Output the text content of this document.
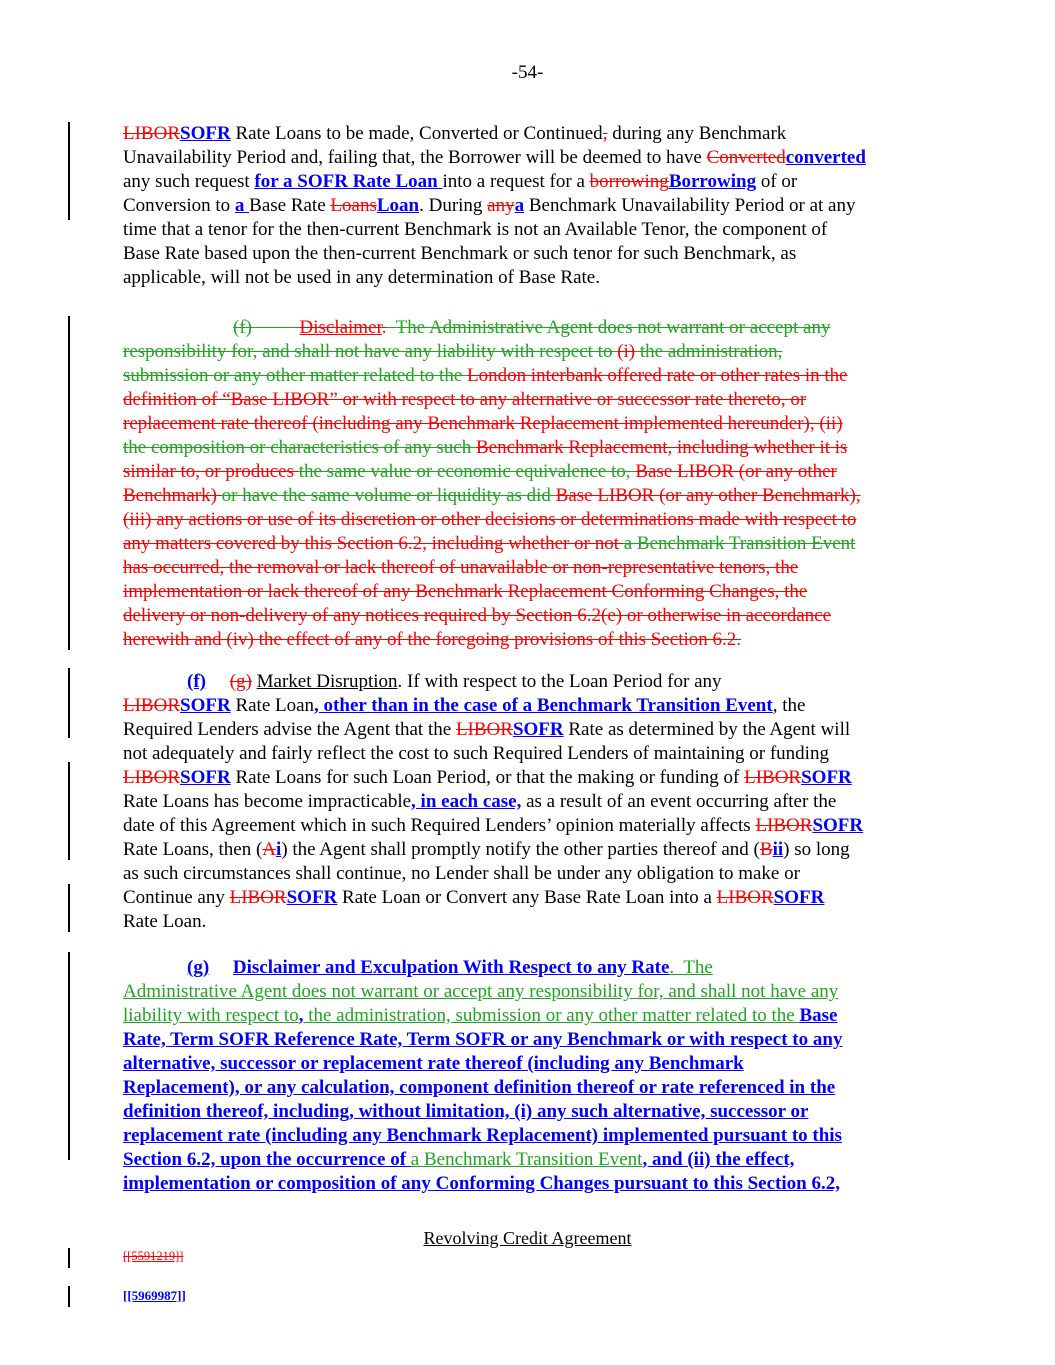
-54-
LIBORSOFR Rate Loans to be made, Converted or Continued, during any Benchmark
Unavailability Period and, failing that, the Borrower will be deemed to have Convertedconverted
any such request for a SOFR Rate Loan into a request for a borrowingBorrowing of or
Conversion to a Base Rate LoansLoan. During anya Benchmark Unavailability Period or at any
time that a tenor for the then-current Benchmark is not an Available Tenor, the component of
Base Rate based upon the then-current Benchmark or such tenor for such Benchmark, as
applicable, will not be used in any determination of Base Rate.
(f)          Disclaimer.  The Administrative Agent does not warrant or accept any
responsibility for, and shall not have any liability with respect to (i) the administration,
submission or any other matter related to the London interbank offered rate or other rates in the
definition of “Base LIBOR” or with respect to any alternative or successor rate thereto, or
replacement rate thereof (including any Benchmark Replacement implemented hereunder), (ii)
the composition or characteristics of any such Benchmark Replacement, including whether it is
similar to, or produces the same value or economic equivalence to, Base LIBOR (or any other
Benchmark) or have the same volume or liquidity as did Base LIBOR (or any other Benchmark),
(iii) any actions or use of its discretion or other decisions or determinations made with respect to
any matters covered by this Section 6.2, including whether or not a Benchmark Transition Event
has occurred, the removal or lack thereof of unavailable or non-representative tenors, the
implementation or lack thereof of any Benchmark Replacement Conforming Changes, the
delivery or non-delivery of any notices required by Section 6.2(e) or otherwise in accordance
herewith and (iv) the effect of any of the foregoing provisions of this Section 6.2.
(f) (g) Market Disruption. If with respect to the Loan Period for any
LIBORSOFR Rate Loan, other than in the case of a Benchmark Transition Event, the
Required Lenders advise the Agent that the LIBORSOFR Rate as determined by the Agent will
not adequately and fairly reflect the cost to such Required Lenders of maintaining or funding
LIBORSOFR Rate Loans for such Loan Period, or that the making or funding of LIBORSOFR
Rate Loans has become impracticable, in each case, as a result of an event occurring after the
date of this Agreement which in such Required Lenders’ opinion materially affects LIBORSOFR
Rate Loans, then (Ai) the Agent shall promptly notify the other parties thereof and (Bii) so long
as such circumstances shall continue, no Lender shall be under any obligation to make or
Continue any LIBORSOFR Rate Loan or Convert any Base Rate Loan into a LIBORSOFR
Rate Loan.
(g) Disclaimer and Exculpation With Respect to any Rate.  The
Administrative Agent does not warrant or accept any responsibility for, and shall not have any
liability with respect to, the administration, submission or any other matter related to the Base
Rate, Term SOFR Reference Rate, Term SOFR or any Benchmark or with respect to any
alternative, successor or replacement rate thereof (including any Benchmark
Replacement), or any calculation, component definition thereof or rate referenced in the
definition thereof, including, without limitation, (i) any such alternative, successor or
replacement rate (including any Benchmark Replacement) implemented pursuant to this
Section 6.2, upon the occurrence of a Benchmark Transition Event, and (ii) the effect,
implementation or composition of any Conforming Changes pursuant to this Section 6.2,
Revolving Credit Agreement
[[5591219]]
[[5969987]]
